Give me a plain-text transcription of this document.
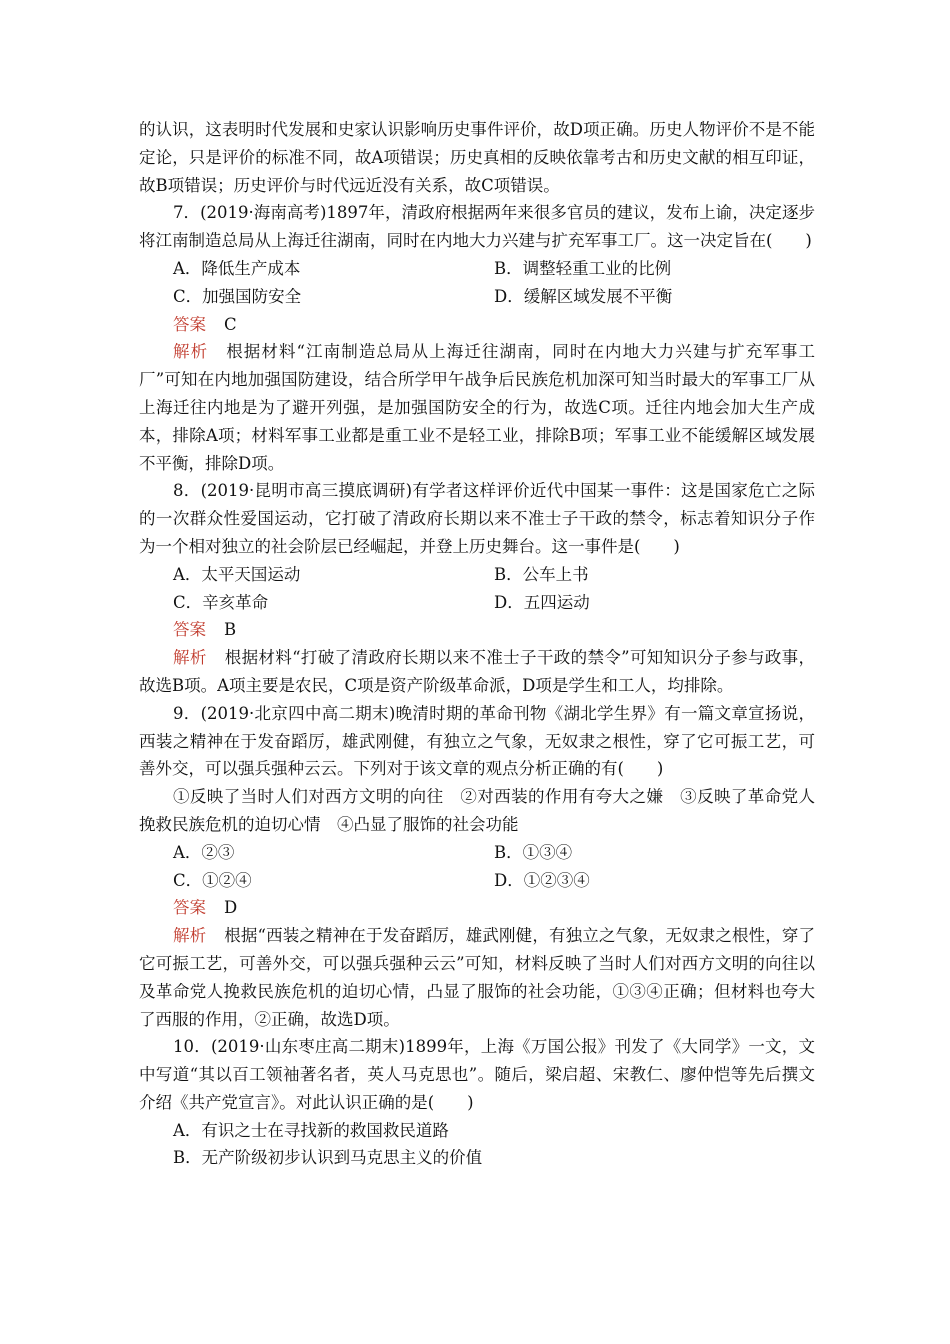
的认识，这表明时代发展和史家认识影响历史事件评价，故D项正确。历史人物评价不是不能定论，只是评价的标准不同，故A项错误；历史真相的反映依靠考古和历史文献的相互印证，故B项错误；历史评价与时代远近没有关系，故C项错误。

7．(2019·海南高考)1897年，清政府根据两年来很多官员的建议，发布上谕，决定逐步将江南制造总局从上海迁往湖南，同时在内地大力兴建与扩充军事工厂。这一决定旨在(　　)

A．降低生产成本	B．调整轻重工业的比例
C．加强国防安全	D．缓解区域发展不平衡

答案 C

解析 根据材料“江南制造总局从上海迁往湖南，同时在内地大力兴建与扩充军事工厂”可知在内地加强国防建设，结合所学甲午战争后民族危机加深可知当时最大的军事工厂从上海迁往内地是为了避开列强，是加强国防安全的行为，故选C项。迁往内地会加大生产成本，排除A项；材料军事工业都是重工业不是轻工业，排除B项；军事工业不能缓解区域发展不平衡，排除D项。

8．(2019·昆明市高三摸底调研)有学者这样评价近代中国某一事件：这是国家危亡之际的一次群众性爱国运动，它打破了清政府长期以来不准士子干政的禁令，标志着知识分子作为一个相对独立的社会阶层已经崛起，并登上历史舞台。这一事件是(　　)

A．太平天国运动	B．公车上书
C．辛亥革命	D．五四运动

答案 B

解析 根据材料“打破了清政府长期以来不准士子干政的禁令”可知知识分子参与政事，故选B项。A项主要是农民，C项是资产阶级革命派，D项是学生和工人，均排除。

9．(2019·北京四中高二期末)晚清时期的革命刊物《湖北学生界》有一篇文章宣扬说，西装之精神在于发奋蹈厉，雄武刚健，有独立之气象，无奴隶之根性，穿了它可振工艺，可善外交，可以强兵强种云云。下列对于该文章的观点分析正确的有(　　)

①反映了当时人们对西方文明的向往　②对西装的作用有夸大之嫌　③反映了革命党人挽救民族危机的迫切心情　④凸显了服饰的社会功能

A．②③	B．①③④
C．①②④	D．①②③④

答案 D

解析 根据“西装之精神在于发奋蹈厉，雄武刚健，有独立之气象，无奴隶之根性，穿了它可振工艺，可善外交，可以强兵强种云云”可知，材料反映了当时人们对西方文明的向往以及革命党人挽救民族危机的迫切心情，凸显了服饰的社会功能，①③④正确；但材料也夸大了西服的作用，②正确，故选D项。

10．(2019·山东枣庄高二期末)1899年，上海《万国公报》刊发了《大同学》一文，文中写道“其以百工领袖著名者，英人马克思也”。随后，梁启超、宋教仁、廖仲恺等先后撰文介绍《共产党宣言》。对此认识正确的是(　　)

A．有识之士在寻找新的救国救民道路

B．无产阶级初步认识到马克思主义的价值
